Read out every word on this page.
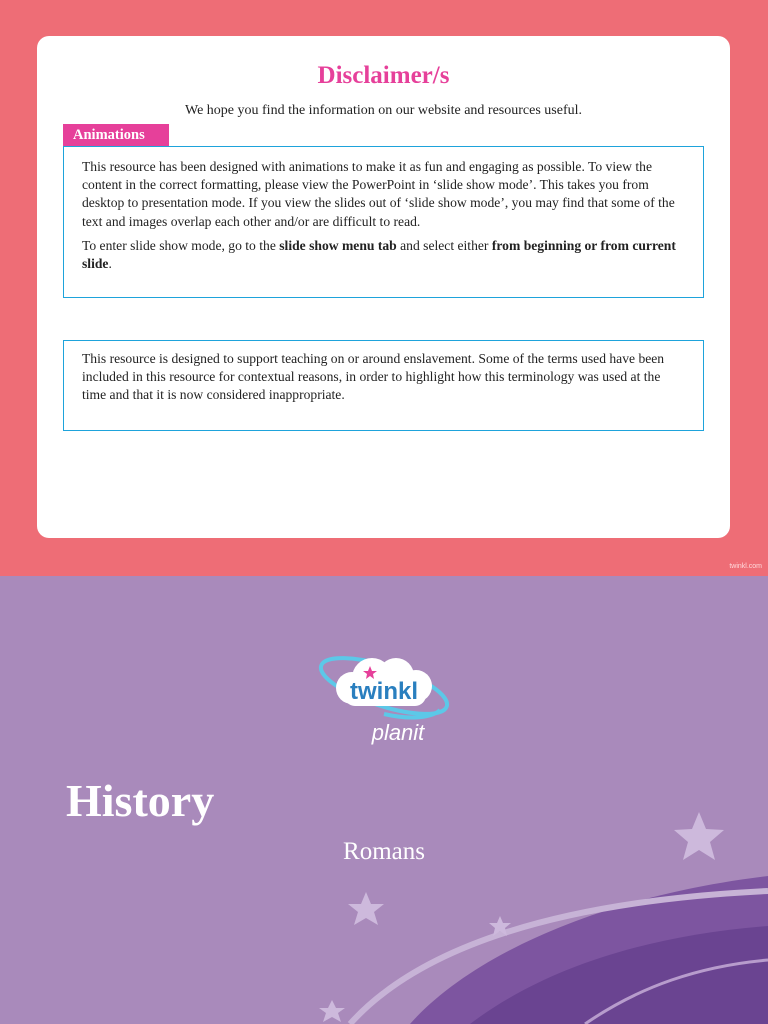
Disclaimer/s

We hope you find the information on our website and resources useful.

Animations

This resource has been designed with animations to make it as fun and engaging as possible. To view the content in the correct formatting, please view the PowerPoint in ‘slide show mode’. This takes you from desktop to presentation mode. If you view the slides out of ‘slide show mode’, you may find that some of the text and images overlap each other and/or are difficult to read.

To enter slide show mode, go to the slide show menu tab and select either from beginning or from current slide.

This resource is designed to support teaching on or around enslavement. Some of the terms used have been included in this resource for contextual reasons, in order to highlight how this terminology was used at the time and that it is now considered inappropriate.

twinkl.com
twinkl
planit
History

Romans
